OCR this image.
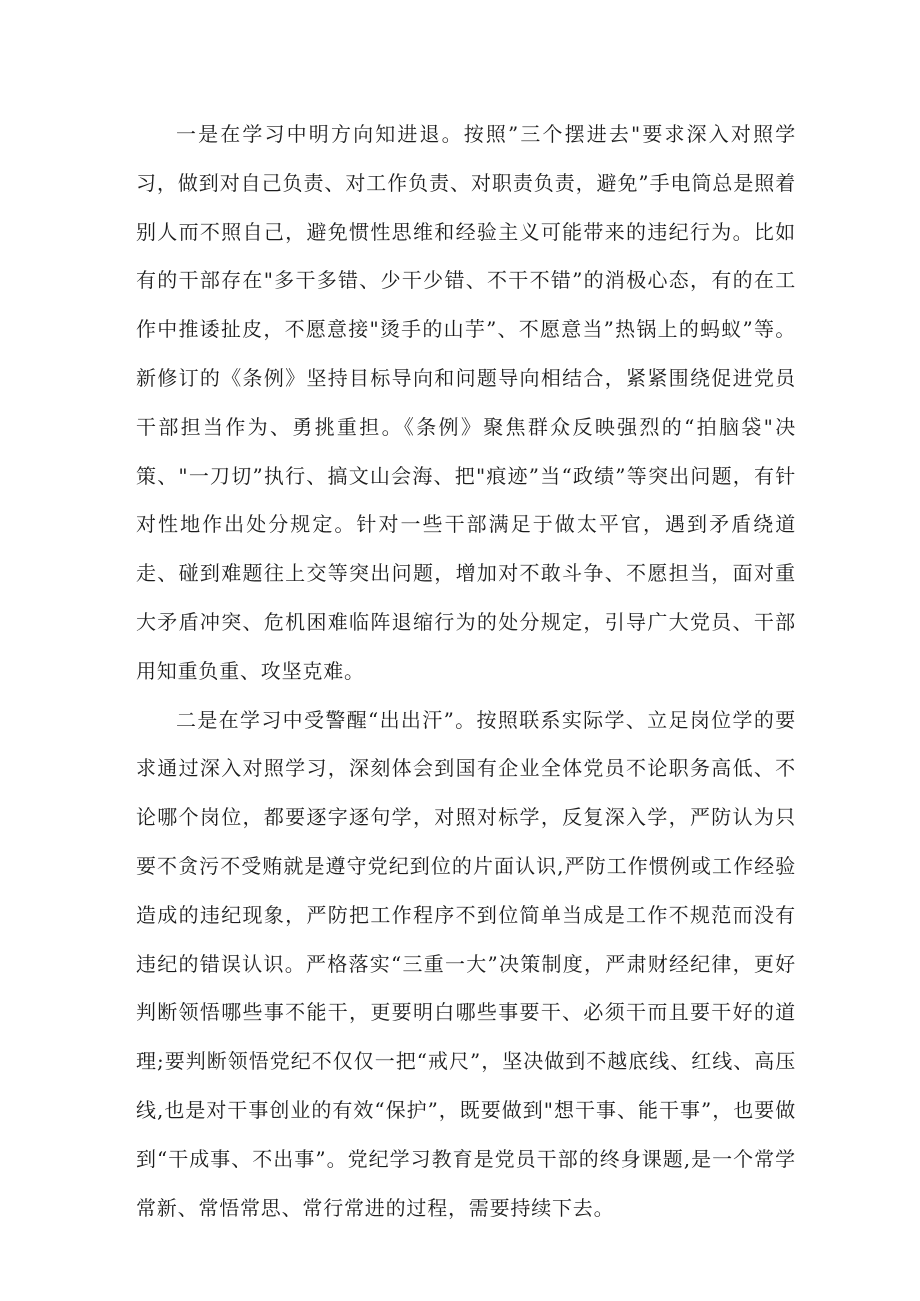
一是在学习中明方向知进退。按照”三个摆进去"要求深入对照学习，做到对自己负责、对工作负责、对职责负责，避免”手电筒总是照着别人而不照自己，避免惯性思维和经验主义可能带来的违纪行为。比如有的干部存在"多干多错、少干少错、不干不错”的消极心态，有的在工作中推诿扯皮，不愿意接"烫手的山芋”、不愿意当”热锅上的蚂蚁”等。新修订的《条例》坚持目标导向和问题导向相结合，紧紧围绕促进党员干部担当作为、勇挑重担。《条例》聚焦群众反映强烈的“拍脑袋"决策、"一刀切”执行、搞文山会海、把"痕迹”当“政绩”等突出问题，有针对性地作出处分规定。针对一些干部满足于做太平官，遇到矛盾绕道走、碰到难题往上交等突出问题，增加对不敢斗争、不愿担当，面对重大矛盾冲突、危机困难临阵退缩行为的处分规定，引导广大党员、干部用知重负重、攻坚克难。

二是在学习中受警醒“出出汗”。按照联系实际学、立足岗位学的要求通过深入对照学习，深刻体会到国有企业全体党员不论职务高低、不论哪个岗位，都要逐字逐句学，对照对标学，反复深入学，严防认为只要不贪污不受贿就是遵守党纪到位的片面认识,严防工作惯例或工作经验造成的违纪现象，严防把工作程序不到位简单当成是工作不规范而没有违纪的错误认识。严格落实“三重一大”决策制度，严肃财经纪律，更好判断领悟哪些事不能干，更要明白哪些事要干、必须干而且要干好的道理;要判断领悟党纪不仅仅一把“戒尺”，坚决做到不越底线、红线、高压线,也是对干事创业的有效“保护”，既要做到"想干事、能干事”，也要做到“干成事、不出事”。党纪学习教育是党员干部的终身课题,是一个常学常新、常悟常思、常行常进的过程，需要持续下去。
